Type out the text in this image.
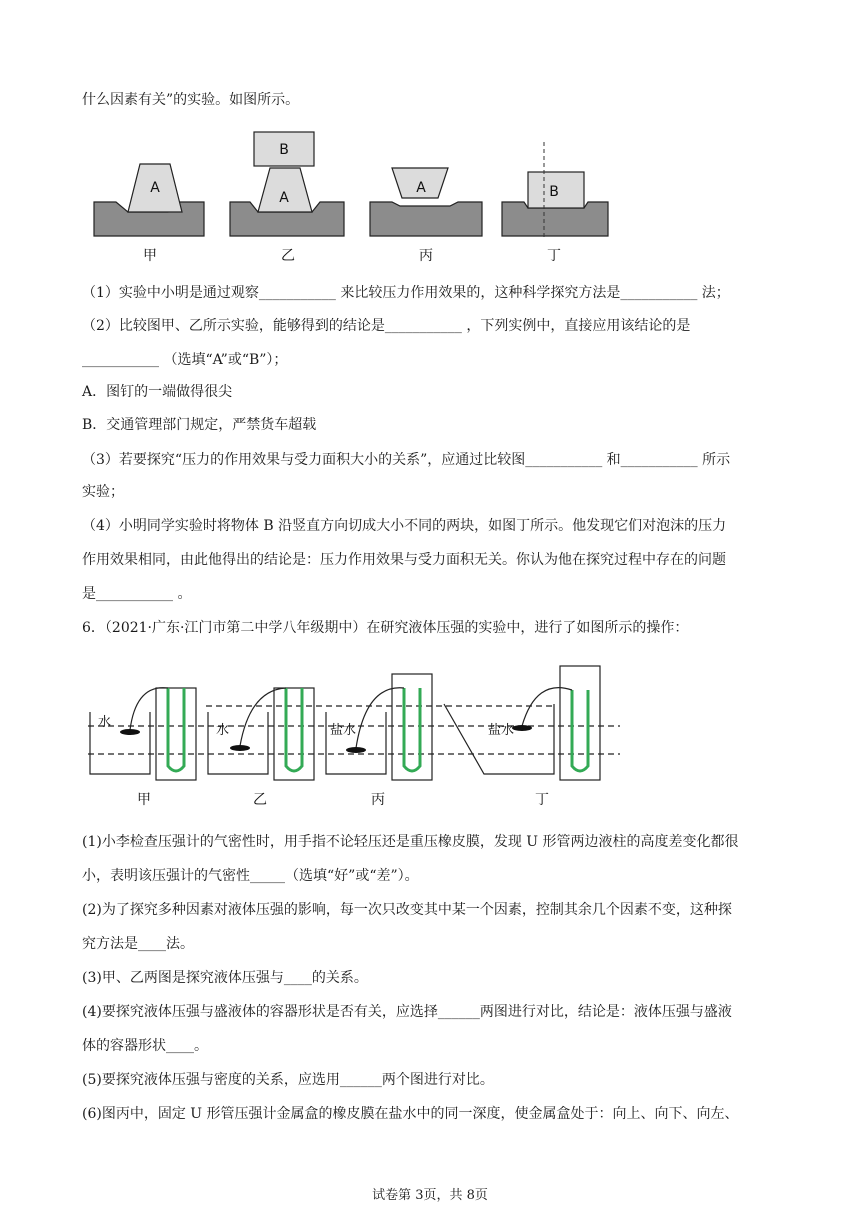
什么因素有关”的实验。如图所示。
A
A
B
A	B
甲	乙	丙	丁
（1）实验中小明是通过观察___________ 来比较压力作用效果的，这种科学探究方法是___________ 法；
（2）比较图甲、乙所示实验，能够得到的结论是___________ ，下列实例中，直接应用该结论的是
___________ （选填“A”或“B”）；
A．图钉的一端做得很尖
B．交通管理部门规定，严禁货车超载
（3）若要探究“压力的作用效果与受力面积大小的关系”，应通过比较图___________ 和___________ 所示
实验；
（4）小明同学实验时将物体 B 沿竖直方向切成大小不同的两块，如图丁所示。他发现它们对泡沫的压力
作用效果相同，由此他得出的结论是：压力作用效果与受力面积无关。你认为他在探究过程中存在的问题
是___________ 。
6．（2021·广东·江门市第二中学八年级期中）在研究液体压强的实验中，进行了如图所示的操作：
水
水	盐水	盐水
甲	乙	丙	丁
(1)小李检查压强计的气密性时，用手指不论轻压还是重压橡皮膜，发现 U 形管两边液柱的高度差变化都很
小，表明该压强计的气密性_____（选填“好”或“差”）。
(2)为了探究多种因素对液体压强的影响，每一次只改变其中某一个因素，控制其余几个因素不变，这种探
究方法是____法。
(3)甲、乙两图是探究液体压强与____的关系。
(4)要探究液体压强与盛液体的容器形状是否有关，应选择______两图进行对比，结论是：液体压强与盛液
体的容器形状____。
(5)要探究液体压强与密度的关系，应选用______两个图进行对比。
(6)图丙中，固定 U 形管压强计金属盒的橡皮膜在盐水中的同一深度，使金属盒处于：向上、向下、向左、
试卷第 3页，共 8页
